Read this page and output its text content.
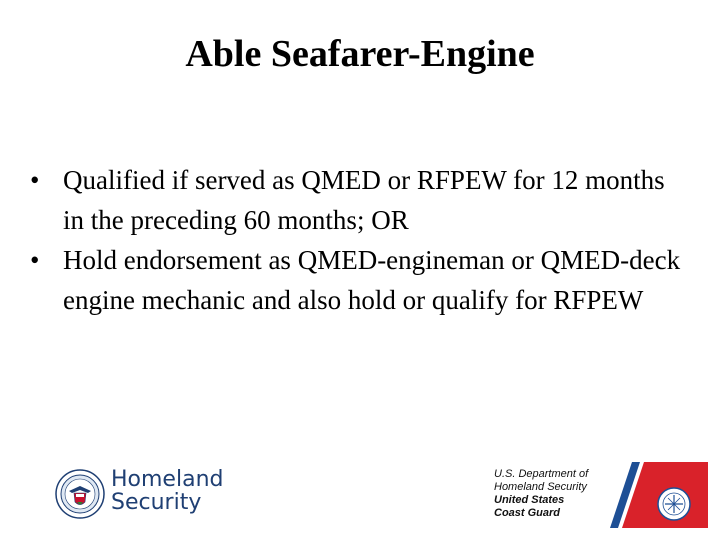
Able Seafarer-Engine
• Qualified if served as QMED or RFPEW for 12 months in the preceding 60 months; OR
• Hold endorsement as QMED-engineman or QMED-deck engine mechanic and also hold or qualify for RFPEW
Homeland
Security
U.S. Department of
Homeland Security
United States
Coast Guard
